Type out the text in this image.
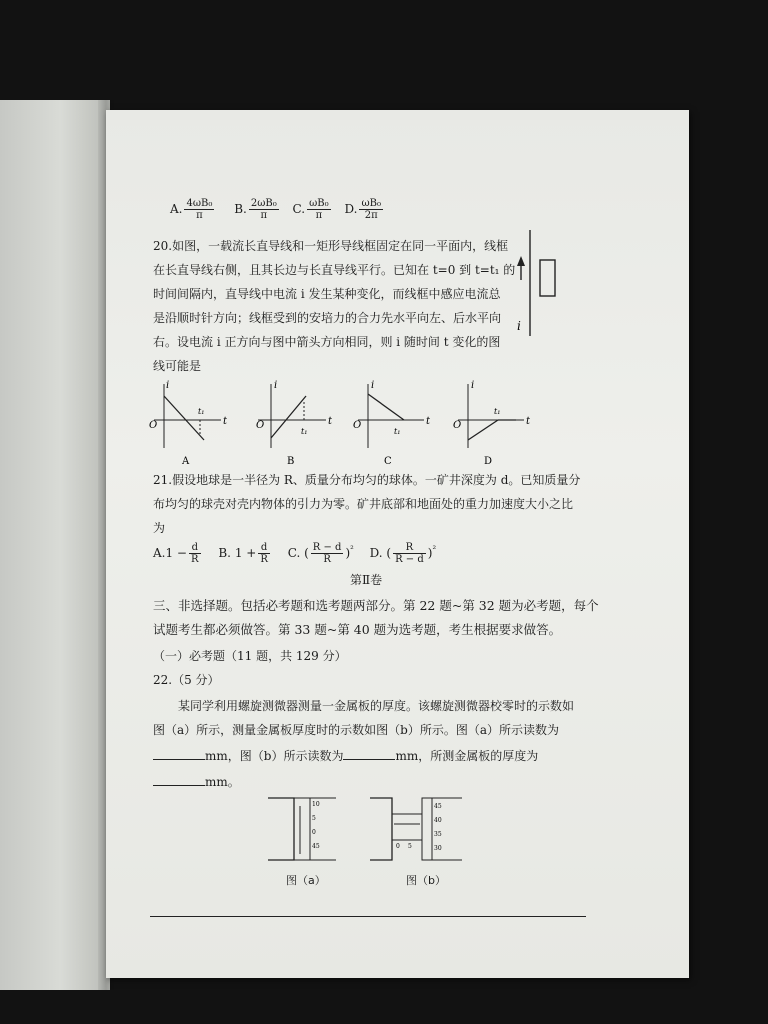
A. $\frac{\text{4ωB₀}}{\pi} B$. $\frac{\text{2ωB₀}}{\pi} C$. $\frac{\text{ωB₀}}{\pi} D$. $\frac{\text{ωB₀}}{2\pi}$
20.如图，一载流长直导线和一矩形导线框固定在同一平面内，线框
在长直导线右侧，且其长边与长直导线平行。已知在 t=0 到 t=t₁ 的
时间间隔内，直导线中电流 i 发生某种变化，而线框中感应电流总
是沿顺时针方向；线框受到的安培力的合力先水平向左、后水平向
右。设电流 i 正方向与图中箭头方向相同，则 i 随时间 t 变化的图
线可能是
i
i
t
O
t₁
A
i
t
O
t₁
B
i
t
O
t₁
C
i
t
O
t₁
D
21.假设地球是一半径为 R、质量分布均匀的球体。一矿井深度为 d。已知质量分
布均匀的球壳对壳内物体的引力为零。矿井底部和地面处的重力加速度大小之比
为
$A.1 - \frac{d}{R} B$. $1 + \frac{d}{R} C$. ( $\frac{R - d}{R} )^{^2}$ D. ( $\frac{R}{R - d} )^{^2}$
第Ⅱ卷
三、非选择题。包括必考题和选考题两部分。第 22 题~第 32 题为必考题，每个
试题考生都必须做答。第 33 题~第 40 题为选考题，考生根据要求做答。
（一）必考题（11 题，共 129 分）
22.（5 分）
某同学利用螺旋测微器测量一金属板的厚度。该螺旋测微器校零时的示数如
图（a）所示，测量金属板厚度时的示数如图（b）所示。图（a）所示读数为
mm，图（b）所示读数为	mm，所测金属板的厚度为
mm。
10
5
0
45
45
40
35
30
0 5
图（a）	图（b）
